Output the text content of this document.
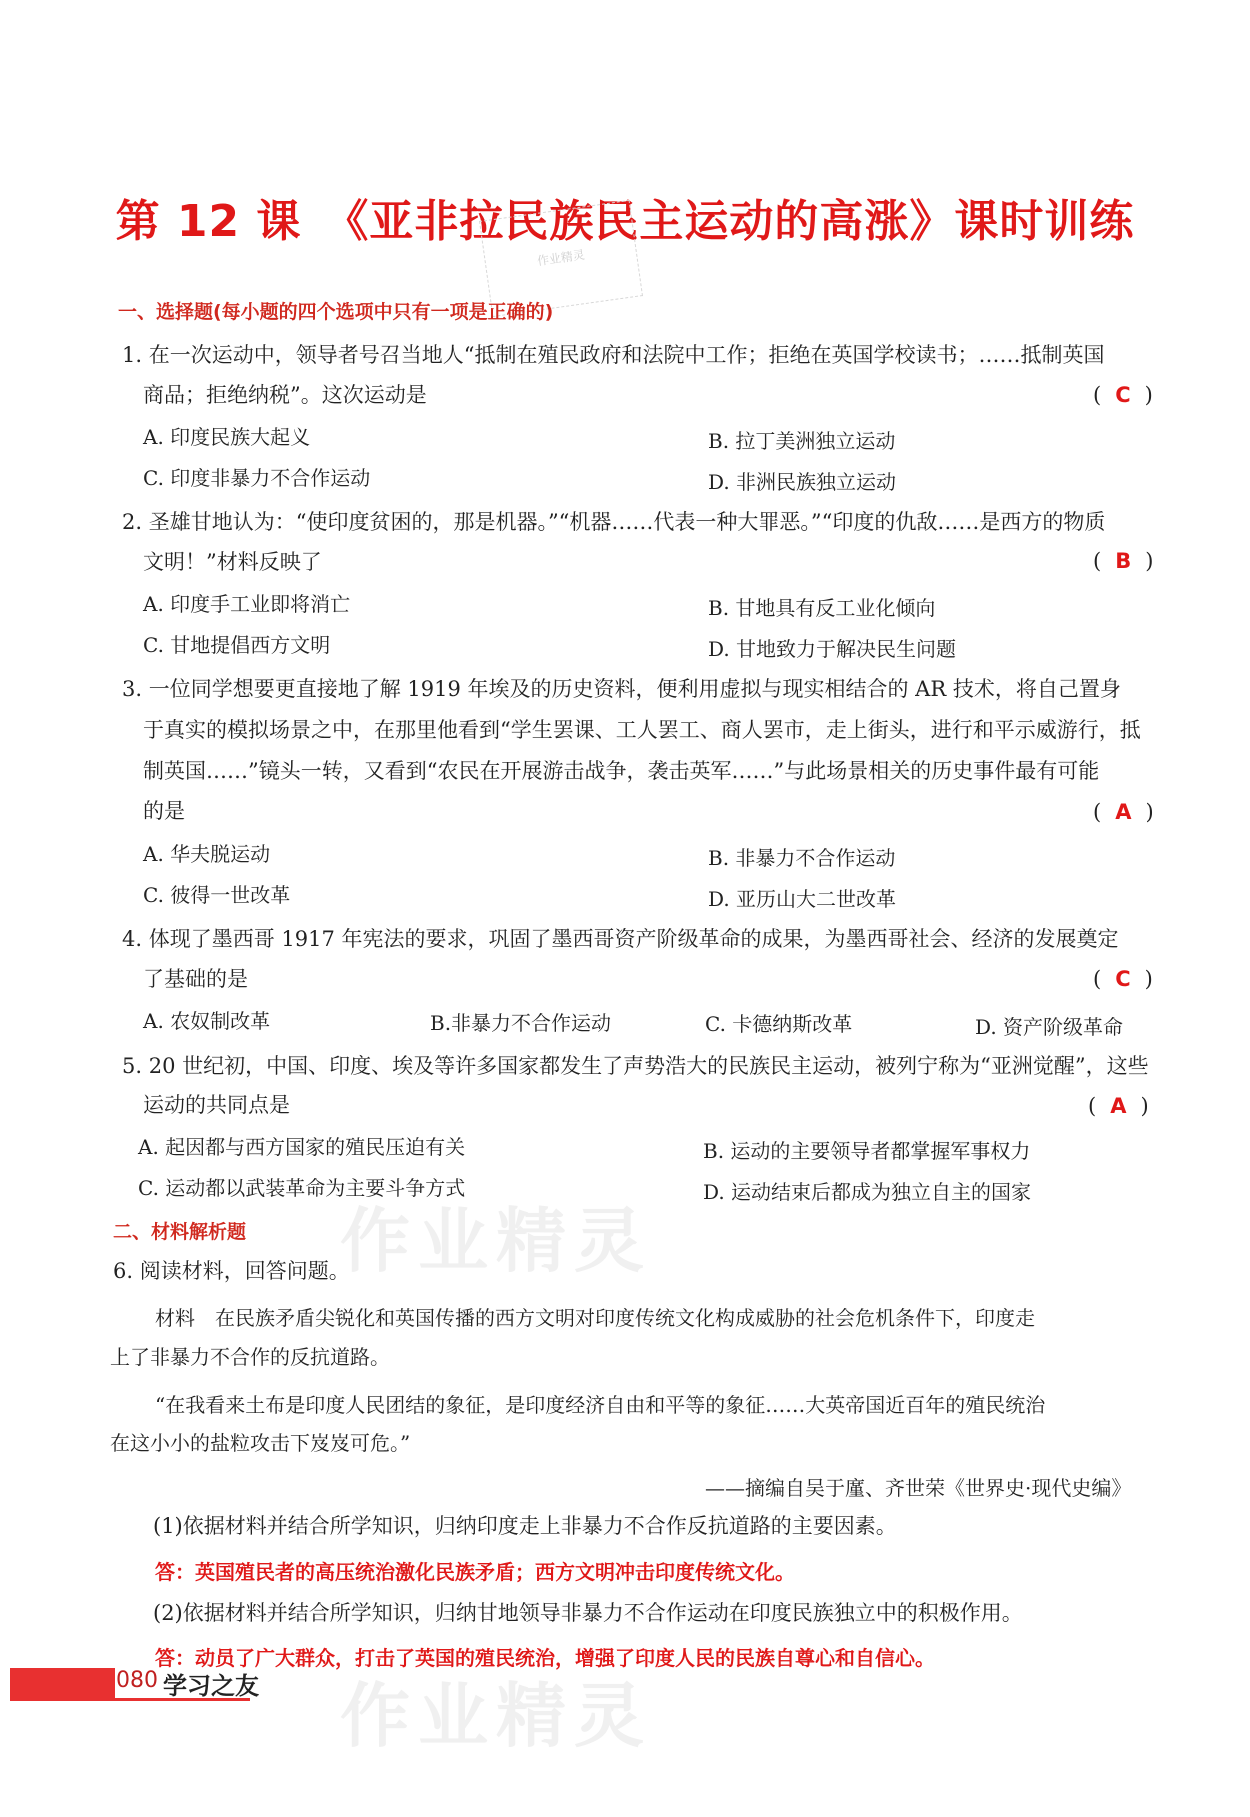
第 12 课　《亚非拉民族民主运动的高涨》课时训练
作业精灵
作业精灵
作业精灵
一、选择题(每小题的四个选项中只有一项是正确的)
1. 在一次运动中，领导者号召当地人“抵制在殖民政府和法院中工作；拒绝在英国学校读书；……抵制英国
商品；拒绝纳税”。这次运动是	( C )
A. 印度民族大起义	B. 拉丁美洲独立运动
C. 印度非暴力不合作运动	D. 非洲民族独立运动
2. 圣雄甘地认为：“使印度贫困的，那是机器。”“机器……代表一种大罪恶。”“印度的仇敌……是西方的物质
文明！”材料反映了	( B )
A. 印度手工业即将消亡	B. 甘地具有反工业化倾向
C. 甘地提倡西方文明	D. 甘地致力于解决民生问题
3. 一位同学想要更直接地了解 1919 年埃及的历史资料，便利用虚拟与现实相结合的 AR 技术，将自己置身
于真实的模拟场景之中，在那里他看到“学生罢课、工人罢工、商人罢市，走上街头，进行和平示威游行，抵
制英国……”镜头一转，又看到“农民在开展游击战争，袭击英军……”与此场景相关的历史事件最有可能
的是	( A )
A. 华夫脱运动	B. 非暴力不合作运动
C. 彼得一世改革	D. 亚历山大二世改革
4. 体现了墨西哥 1917 年宪法的要求，巩固了墨西哥资产阶级革命的成果，为墨西哥社会、经济的发展奠定
了基础的是	( C )
A. 农奴制改革	B.非暴力不合作运动	C. 卡德纳斯改革	D. 资产阶级革命
5. 20 世纪初，中国、印度、埃及等许多国家都发生了声势浩大的民族民主运动，被列宁称为“亚洲觉醒”，这些
运动的共同点是	( A )
A. 起因都与西方国家的殖民压迫有关	B. 运动的主要领导者都掌握军事权力
C. 运动都以武装革命为主要斗争方式	D. 运动结束后都成为独立自主的国家
二、材料解析题
6. 阅读材料，回答问题。
材料　在民族矛盾尖锐化和英国传播的西方文明对印度传统文化构成威胁的社会危机条件下，印度走
上了非暴力不合作的反抗道路。
“在我看来土布是印度人民团结的象征，是印度经济自由和平等的象征……大英帝国近百年的殖民统治
在这小小的盐粒攻击下岌岌可危。”
——摘编自吴于廑、齐世荣《世界史·现代史编》
(1)依据材料并结合所学知识，归纳印度走上非暴力不合作反抗道路的主要因素。
答：英国殖民者的高压统治激化民族矛盾；西方文明冲击印度传统文化。
(2)依据材料并结合所学知识，归纳甘地领导非暴力不合作运动在印度民族独立中的积极作用。
答：动员了广大群众，打击了英国的殖民统治，增强了印度人民的民族自尊心和自信心。
080 学习之友
